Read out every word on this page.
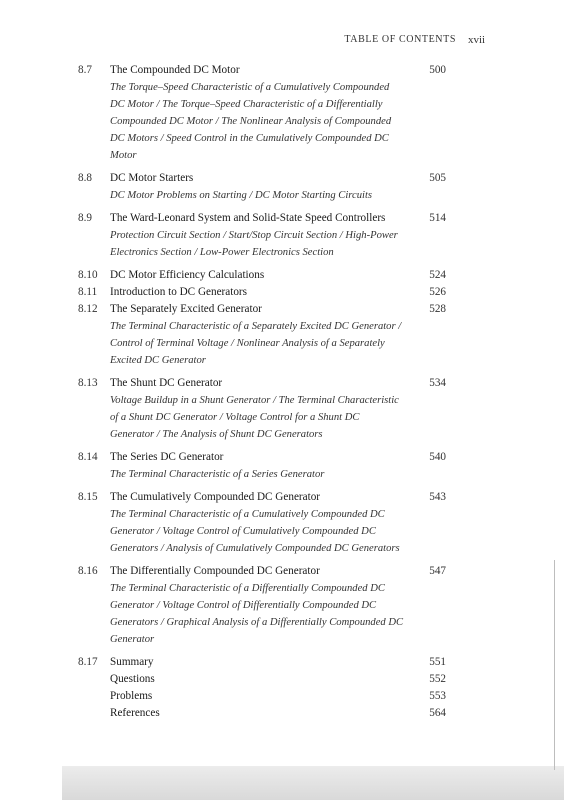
TABLE OF CONTENTS xvii
8.7	The Compounded DC Motor	500
The Torque–Speed Characteristic of a Cumulatively Compounded DC Motor / The Torque–Speed Characteristic of a Differentially Compounded DC Motor / The Nonlinear Analysis of Compounded DC Motors / Speed Control in the Cumulatively Compounded DC Motor
8.8	DC Motor Starters	505
DC Motor Problems on Starting / DC Motor Starting Circuits
8.9	The Ward-Leonard System and Solid-State Speed Controllers	514
Protection Circuit Section / Start/Stop Circuit Section / High-Power Electronics Section / Low-Power Electronics Section
8.10	DC Motor Efficiency Calculations	524
8.11	Introduction to DC Generators	526
8.12	The Separately Excited Generator	528
The Terminal Characteristic of a Separately Excited DC Generator / Control of Terminal Voltage / Nonlinear Analysis of a Separately Excited DC Generator
8.13	The Shunt DC Generator	534
Voltage Buildup in a Shunt Generator / The Terminal Characteristic of a Shunt DC Generator / Voltage Control for a Shunt DC Generator / The Analysis of Shunt DC Generators
8.14	The Series DC Generator	540
The Terminal Characteristic of a Series Generator
8.15	The Cumulatively Compounded DC Generator	543
The Terminal Characteristic of a Cumulatively Compounded DC Generator / Voltage Control of Cumulatively Compounded DC Generators / Analysis of Cumulatively Compounded DC Generators
8.16	The Differentially Compounded DC Generator	547
The Terminal Characteristic of a Differentially Compounded DC Generator / Voltage Control of Differentially Compounded DC Generators / Graphical Analysis of a Differentially Compounded DC Generator
8.17	Summary	551
Questions	552
Problems	553
References	564
